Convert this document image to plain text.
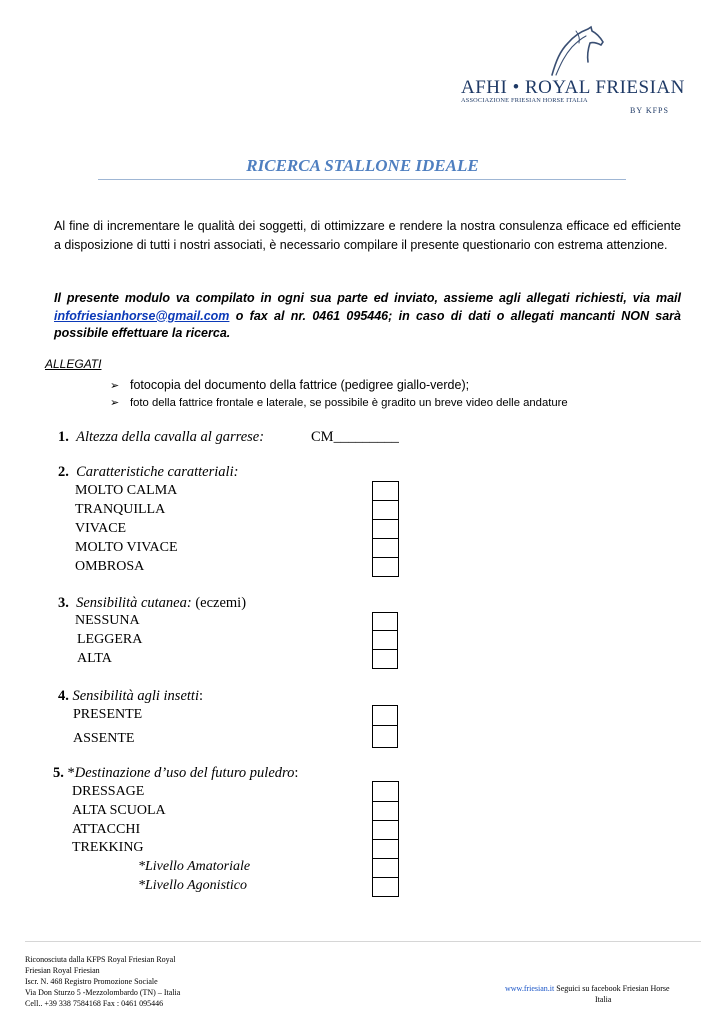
AFHI • ROYAL FRIESIAN
ASSOCIAZIONE FRIESIAN HORSE ITALIA
BY KFPS
RICERCA STALLONE IDEALE
Al fine di incrementare le qualità dei soggetti, di ottimizzare e rendere la nostra consulenza efficace ed efficiente a disposizione di tutti i nostri associati, è necessario compilare il presente questionario con estrema attenzione.
Il presente modulo va compilato in ogni sua parte ed inviato, assieme agli allegati richiesti, via mail infofriesianhorse@gmail.com o fax al nr. 0461 095446; in caso di dati o allegati mancanti NON sarà possibile effettuare la ricerca.
ALLEGATI
➢ fotocopia del documento della fattrice (pedigree giallo-verde);
➢ foto della fattrice frontale e laterale, se possibile è gradito un breve video delle andature
1. Altezza della cavalla al garrese:	CM_________
2. Caratteristiche caratteriali:
MOLTO CALMA
TRANQUILLA
VIVACE
MOLTO VIVACE
OMBROSA
3. Sensibilità cutanea: (eczemi)
NESSUNA
LEGGERA
ALTA
4. Sensibilità agli insetti:
PRESENTE
ASSENTE
5. *Destinazione d’uso del futuro puledro:
DRESSAGE
ALTA SCUOLA
ATTACCHI
TREKKING
*Livello Amatoriale
*Livello Agonistico
Riconosciuta dalla KFPS Royal Friesian Royal
Friesian Royal Friesian
Iscr. N. 468 Registro Promozione Sociale
Via Don Sturzo 5 -Mezzolombardo (TN) – Italia
Cell.. +39 338 7584168 Fax : 0461 095446
www.friesian.it Seguici su facebook Friesian Horse
Italia
